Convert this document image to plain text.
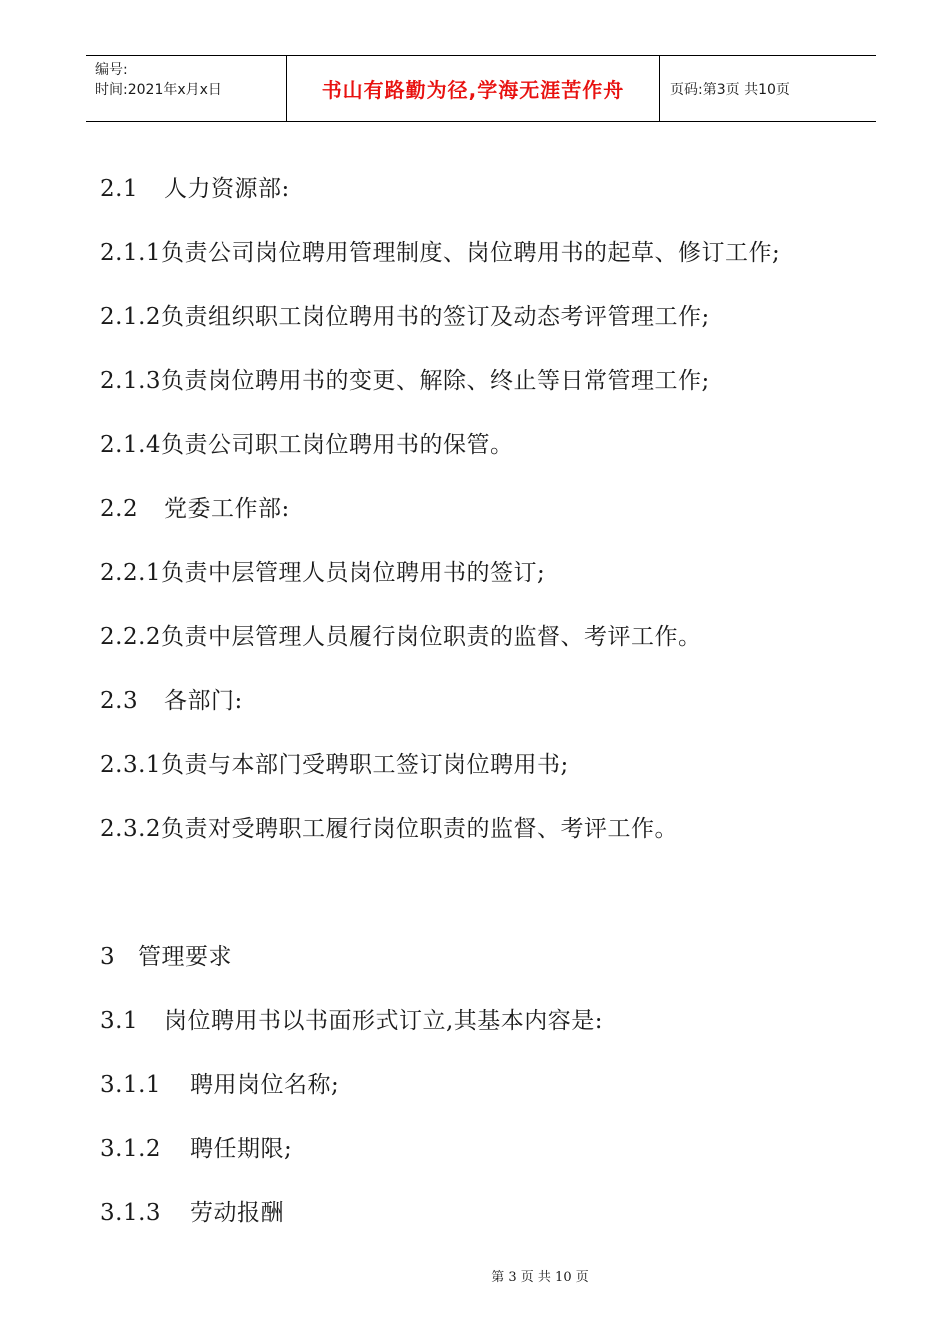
编号:
时间:2021年x月x日	书山有路勤为径,学海无涯苦作舟	页码:第3页 共10页
2.1 人力资源部:
2.1.1负责公司岗位聘用管理制度、岗位聘用书的起草、修订工作;
2.1.2负责组织职工岗位聘用书的签订及动态考评管理工作;
2.1.3负责岗位聘用书的变更、解除、终止等日常管理工作;
2.1.4负责公司职工岗位聘用书的保管。
2.2 党委工作部:
2.2.1负责中层管理人员岗位聘用书的签订;
2.2.2负责中层管理人员履行岗位职责的监督、考评工作。
2.3 各部门:
2.3.1负责与本部门受聘职工签订岗位聘用书;
2.3.2负责对受聘职工履行岗位职责的监督、考评工作。
3 管理要求
3.1 岗位聘用书以书面形式订立,其基本内容是:
3.1.1 聘用岗位名称;
3.1.2 聘任期限;
3.1.3 劳动报酬
第 3 页 共 10 页
